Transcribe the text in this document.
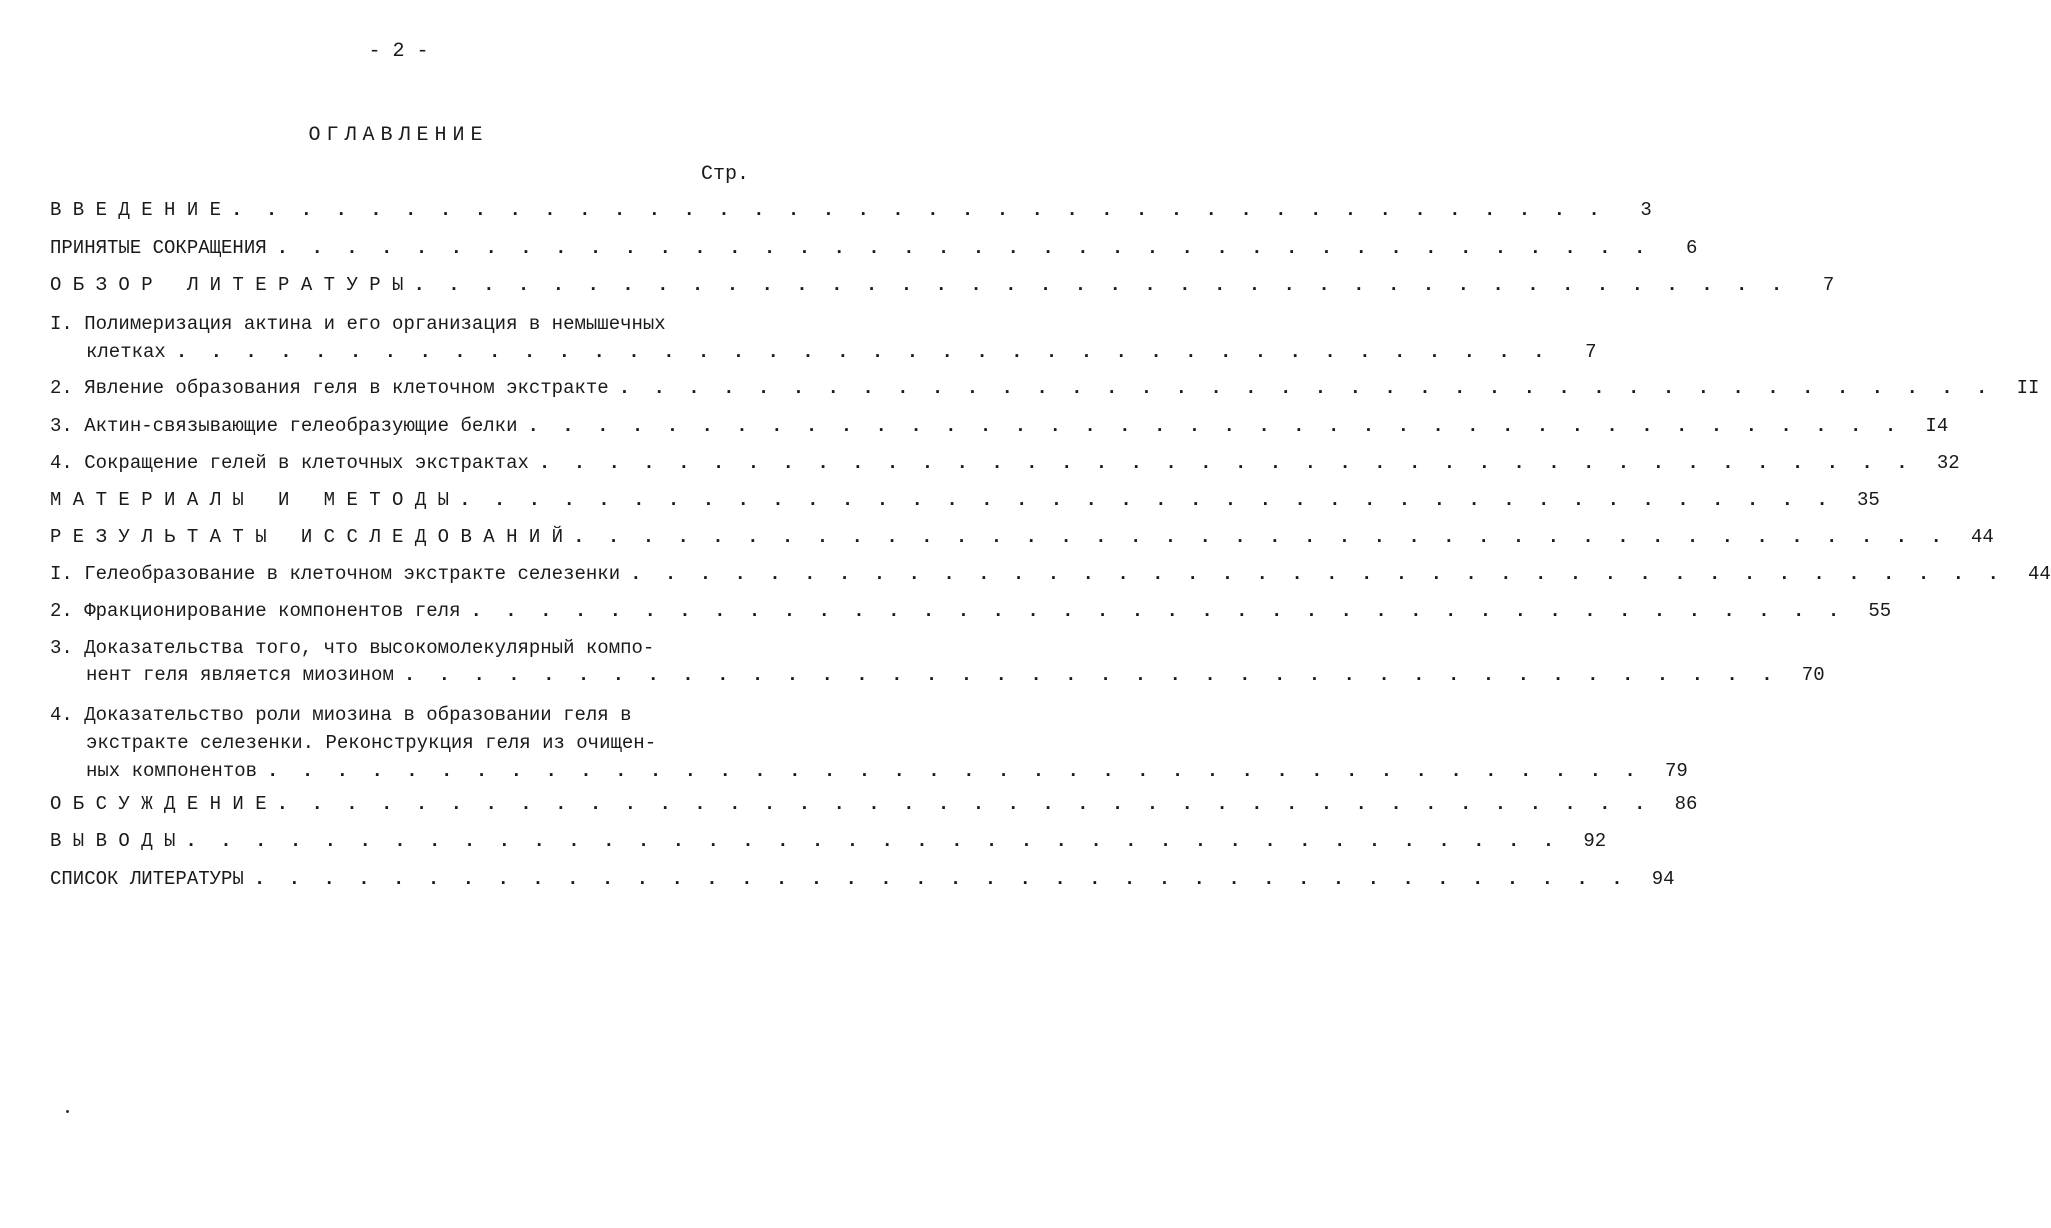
- 2 -
ОГЛАВЛЕНИЕ
Стр.
В В Е Д Е Н И Е . . . . . . . . . . . . . . . . . . . . . . . . . . . . . . . . . . . . . . . .	3
ПРИНЯТЫЕ СОКРАЩЕНИЯ . . . . . . . . . . . . . . . . . . . . . . . . . . . . . . . . . . . . . . . .	6
О Б З О Р   Л И Т Е Р А Т У Р Ы . . . . . . . . . . . . . . . . . . . . . . . . . . . . . . . . . . . . . . . .	7
I. Полимеризация актина и его организация в немышечных
клетках . . . . . . . . . . . . . . . . . . . . . . . . . . . . . . . . . . . . . . . .	7
2. Явление образования геля в клеточном экстракте . . . . . . . . . . . . . . . . . . . . . . . . . . . . . . . . . . . . . . . .	II
3. Актин-связывающие гелеобразующие белки . . . . . . . . . . . . . . . . . . . . . . . . . . . . . . . . . . . . . . . .	I4
4. Сокращение гелей в клеточных экстрактах . . . . . . . . . . . . . . . . . . . . . . . . . . . . . . . . . . . . . . . .	32
М А Т Е Р И А Л Ы   И   М Е Т О Д Ы . . . . . . . . . . . . . . . . . . . . . . . . . . . . . . . . . . . . . . . .	35
Р Е З У Л Ь Т А Т Ы   И С С Л Е Д О В А Н И Й . . . . . . . . . . . . . . . . . . . . . . . . . . . . . . . . . . . . . . . .	44
I. Гелеобразование в клеточном экстракте селезенки . . . . . . . . . . . . . . . . . . . . . . . . . . . . . . . . . . . . . . . .	44
2. Фракционирование компонентов геля . . . . . . . . . . . . . . . . . . . . . . . . . . . . . . . . . . . . . . . .	55
3. Доказательства того, что высокомолекулярный компо-
нент геля является миозином . . . . . . . . . . . . . . . . . . . . . . . . . . . . . . . . . . . . . . . .	70
4. Доказательство роли миозина в образовании геля в
экстракте селезенки. Реконструкция геля из очищен-
ных компонентов . . . . . . . . . . . . . . . . . . . . . . . . . . . . . . . . . . . . . . . .	79
О Б С У Ж Д Е Н И Е . . . . . . . . . . . . . . . . . . . . . . . . . . . . . . . . . . . . . . . .	86
В Ы В О Д Ы . . . . . . . . . . . . . . . . . . . . . . . . . . . . . . . . . . . . . . . .	92
СПИСОК ЛИТЕРАТУРЫ . . . . . . . . . . . . . . . . . . . . . . . . . . . . . . . . . . . . . . . .	94
